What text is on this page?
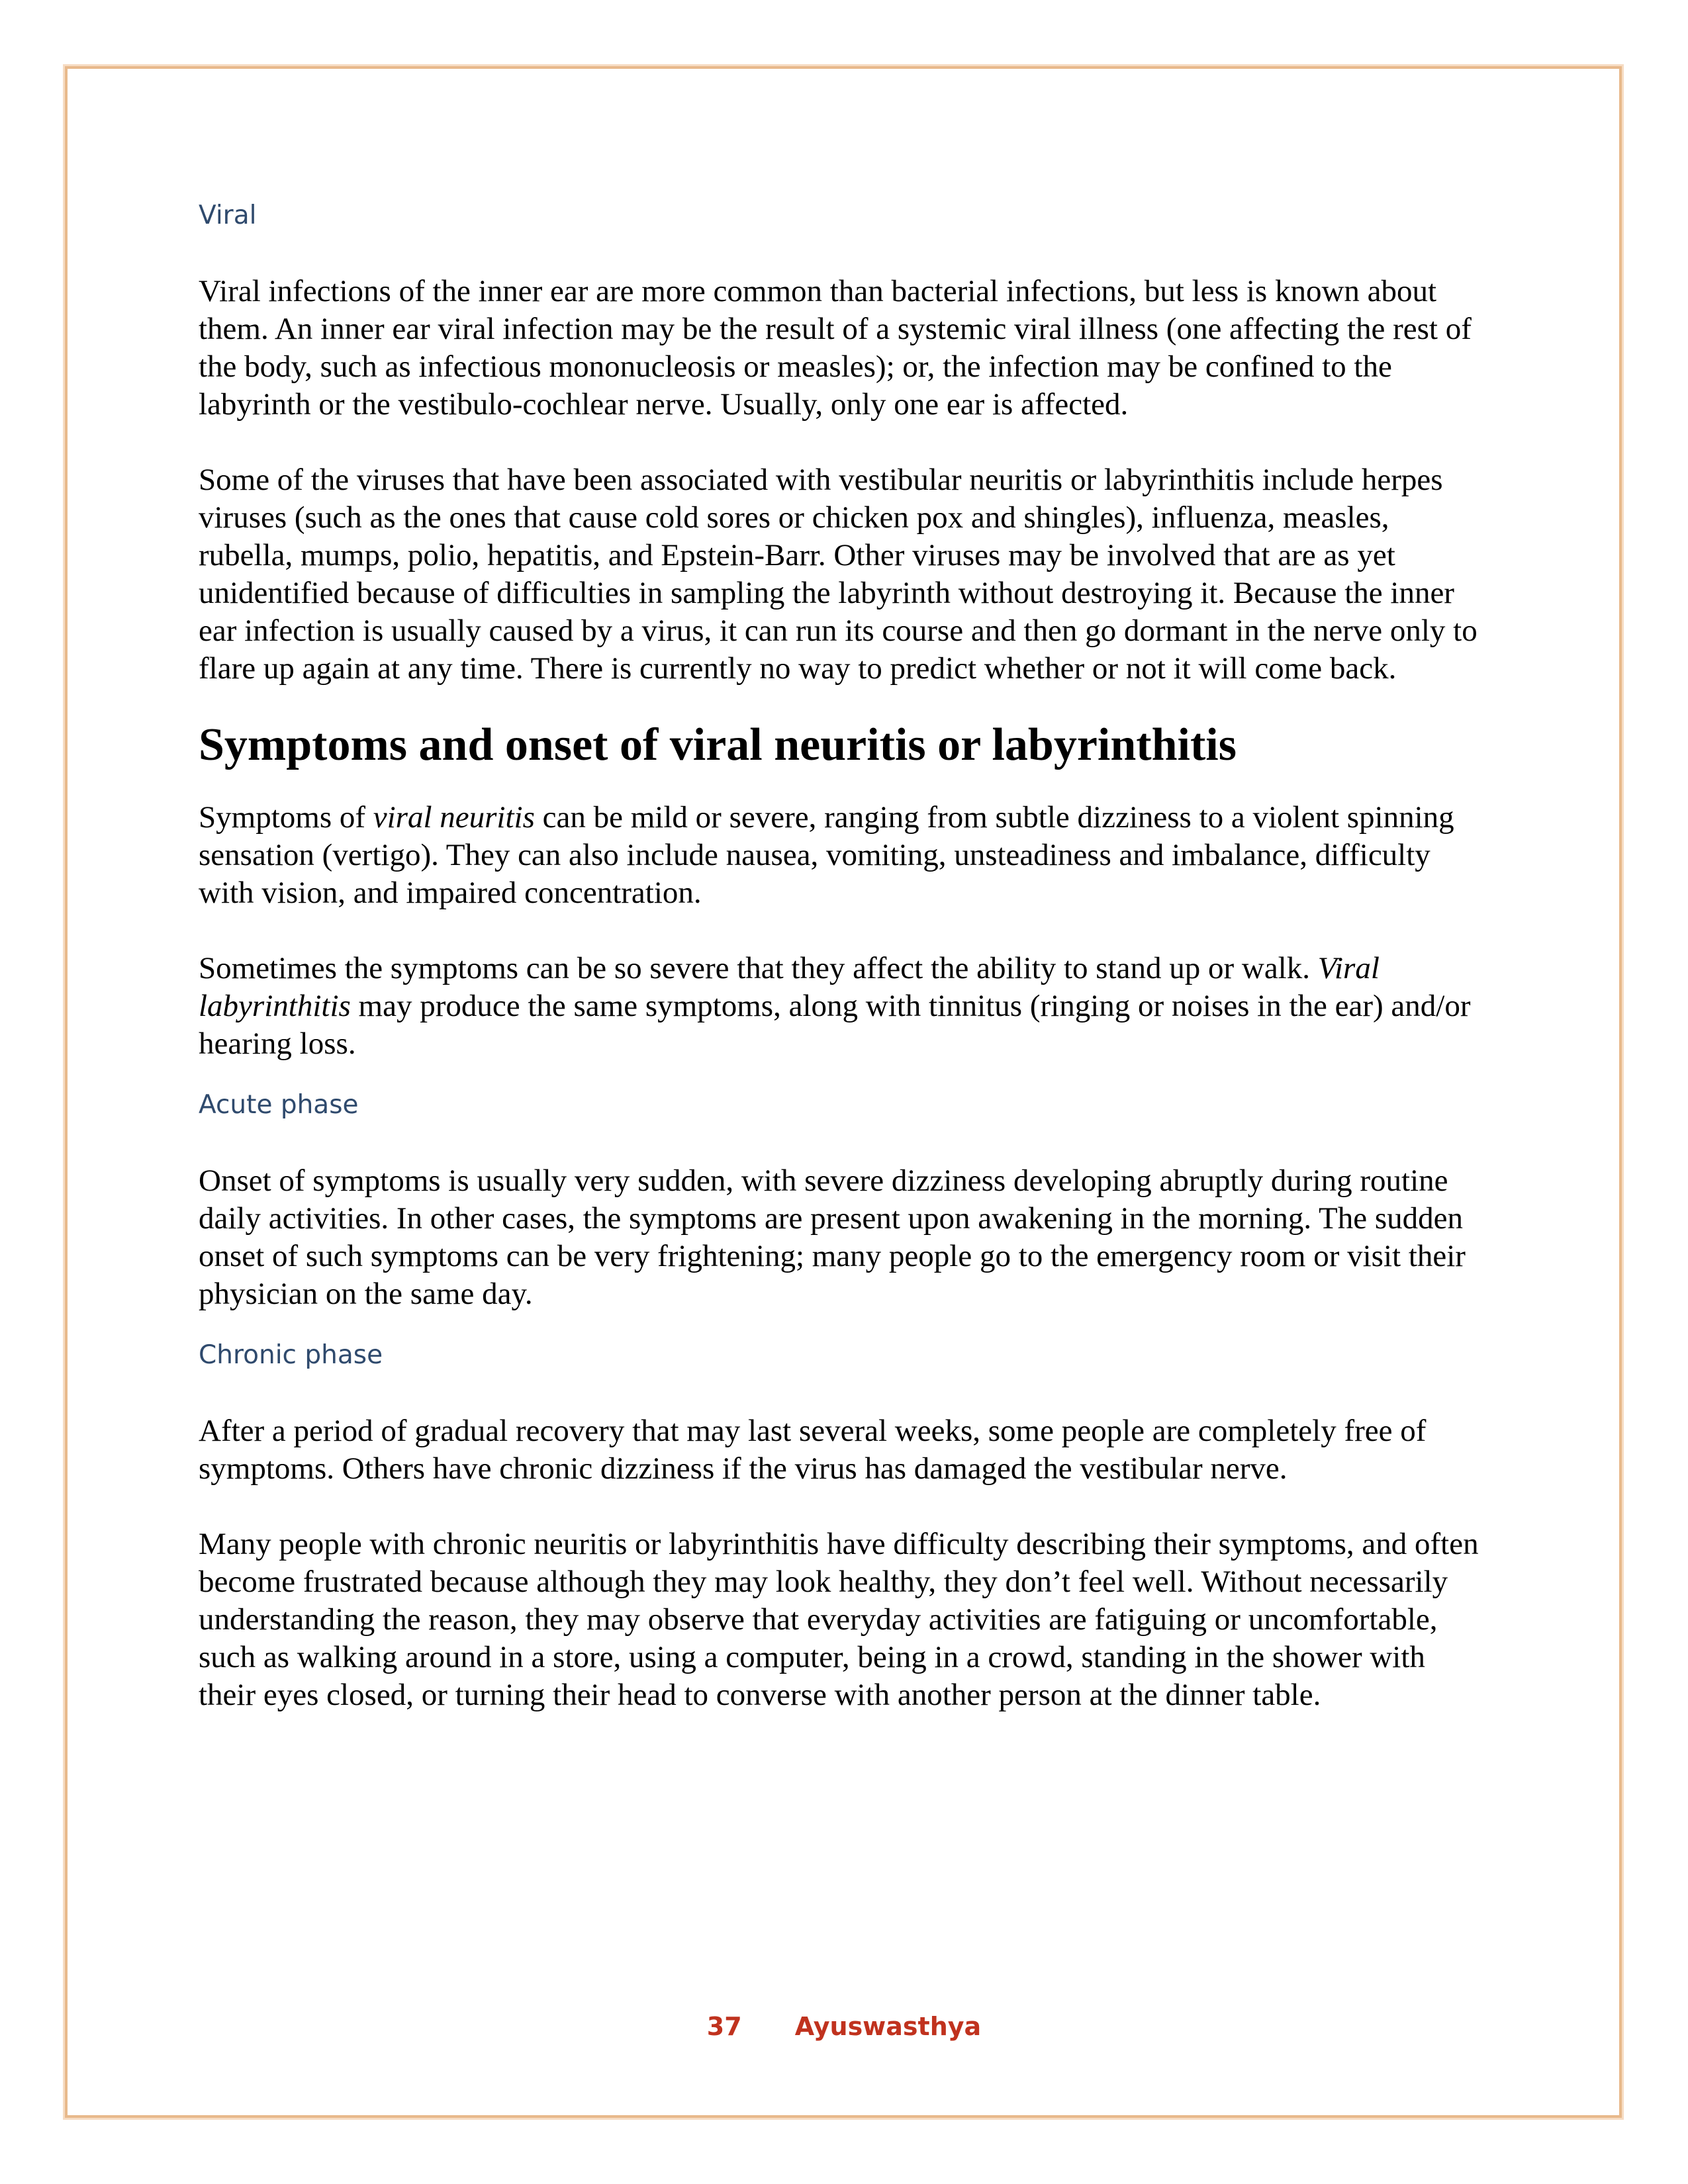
Viral

Viral infections of the inner ear are more common than bacterial infections, but less is known about them. An inner ear viral infection may be the result of a systemic viral illness (one affecting the rest of the body, such as infectious mononucleosis or measles); or, the infection may be confined to the labyrinth or the vestibulo-cochlear nerve. Usually, only one ear is affected.

Some of the viruses that have been associated with vestibular neuritis or labyrinthitis include herpes viruses (such as the ones that cause cold sores or chicken pox and shingles), influenza, measles, rubella, mumps, polio, hepatitis, and Epstein-Barr. Other viruses may be involved that are as yet unidentified because of difficulties in sampling the labyrinth without destroying it. Because the inner ear infection is usually caused by a virus, it can run its course and then go dormant in the nerve only to flare up again at any time. There is currently no way to predict whether or not it will come back.

Symptoms and onset of viral neuritis or labyrinthitis

Symptoms of viral neuritis can be mild or severe, ranging from subtle dizziness to a violent spinning sensation (vertigo). They can also include nausea, vomiting, unsteadiness and imbalance, difficulty with vision, and impaired concentration.

Sometimes the symptoms can be so severe that they affect the ability to stand up or walk. Viral labyrinthitis may produce the same symptoms, along with tinnitus (ringing or noises in the ear) and/or hearing loss.

Acute phase

Onset of symptoms is usually very sudden, with severe dizziness developing abruptly during routine daily activities. In other cases, the symptoms are present upon awakening in the morning. The sudden onset of such symptoms can be very frightening; many people go to the emergency room or visit their physician on the same day.

Chronic phase

After a period of gradual recovery that may last several weeks, some people are completely free of symptoms. Others have chronic dizziness if the virus has damaged the vestibular nerve.

Many people with chronic neuritis or labyrinthitis have difficulty describing their symptoms, and often become frustrated because although they may look healthy, they don’t feel well. Without necessarily understanding the reason, they may observe that everyday activities are fatiguing or uncomfortable, such as walking around in a store, using a computer, being in a crowd, standing in the shower with their eyes closed, or turning their head to converse with another person at the dinner table.

37 Ayuswasthya
